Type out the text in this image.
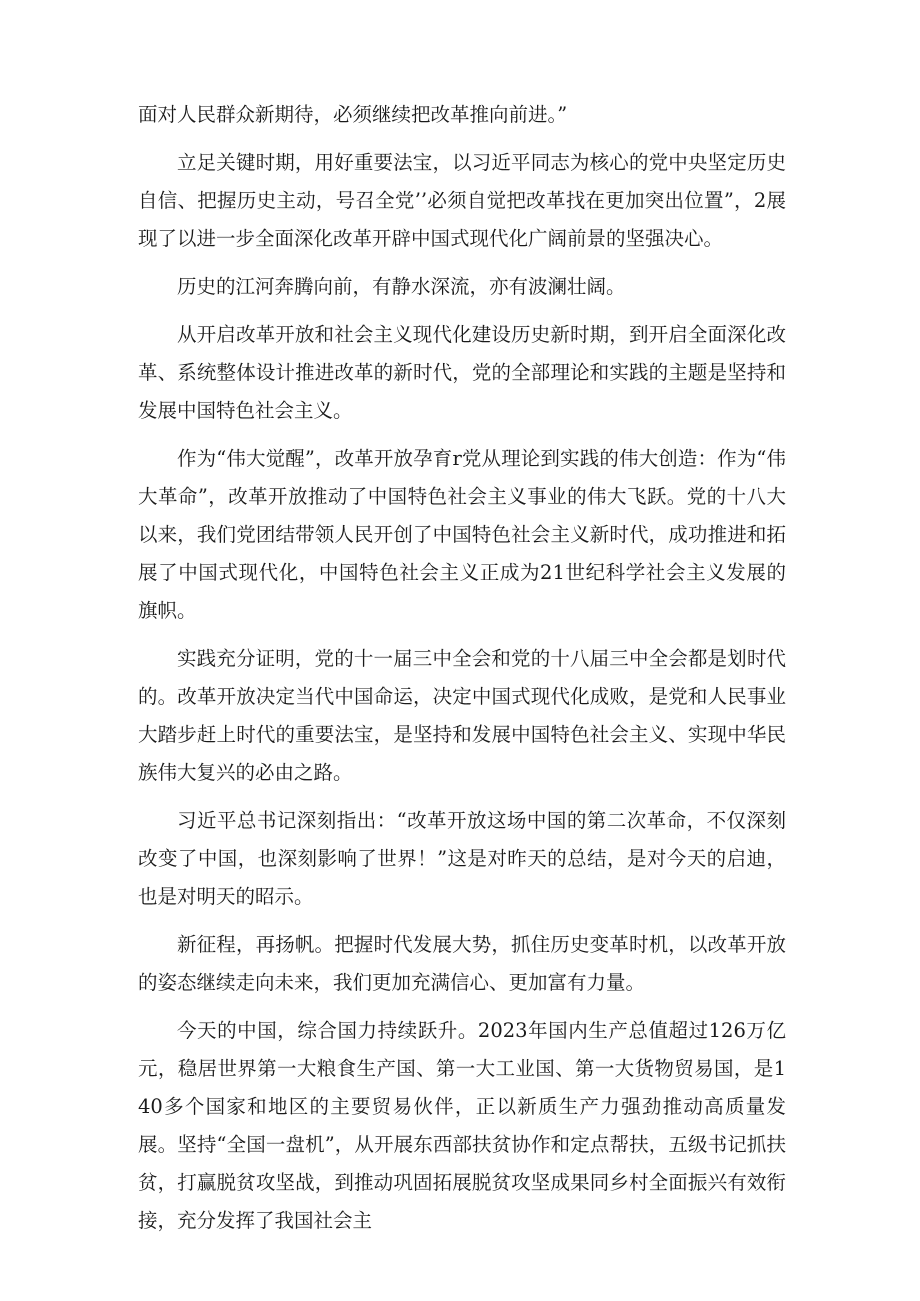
面对人民群众新期待，必须继续把改革推向前进。”

立足关键时期，用好重要法宝，以习近平同志为核心的党中央坚定历史自信、把握历史主动，号召全党’’必须自觉把改革找在更加突出位置”，2展现了以进一步全面深化改革开辟中国式现代化广阔前景的坚强决心。

历史的江河奔腾向前，有静水深流，亦有波澜壮阔。

从开启改革开放和社会主义现代化建设历史新时期，到开启全面深化改革、系统整体设计推进改革的新时代，党的全部理论和实践的主题是坚持和发展中国特色社会主义。

作为“伟大觉醒”，改革开放孕育r党从理论到实践的伟大创造：作为“伟大革命”，改革开放推动了中国特色社会主义事业的伟大飞跃。党的十八大以来，我们党团结带领人民开创了中国特色社会主义新时代，成功推进和拓展了中国式现代化，中国特色社会主义正成为21世纪科学社会主义发展的旗帜。

实践充分证明，党的十一届三中全会和党的十八届三中全会都是划时代的。改革开放决定当代中国命运，决定中国式现代化成败，是党和人民事业大踏步赶上时代的重要法宝，是坚持和发展中国特色社会主义、实现中华民族伟大复兴的必由之路。

习近平总书记深刻指出：“改革开放这场中国的第二次革命，不仅深刻改变了中国，也深刻影响了世界！”这是对昨天的总结，是对今天的启迪，也是对明天的昭示。

新征程，再扬帆。把握时代发展大势，抓住历史变革时机，以改革开放的姿态继续走向未来，我们更加充满信心、更加富有力量。

今天的中国，综合国力持续跃升。2023年国内生产总值超过126万亿元，稳居世界第一大粮食生产国、第一大工业国、第一大货物贸易国，是140多个国家和地区的主要贸易伙伴，正以新质生产力强劲推动高质量发展。坚持“全国一盘机”，从开展东西部扶贫协作和定点帮扶，五级书记抓扶贫，打赢脱贫攻坚战，到推动巩固拓展脱贫攻坚成果同乡村全面振兴有效衔接，充分发挥了我国社会主
